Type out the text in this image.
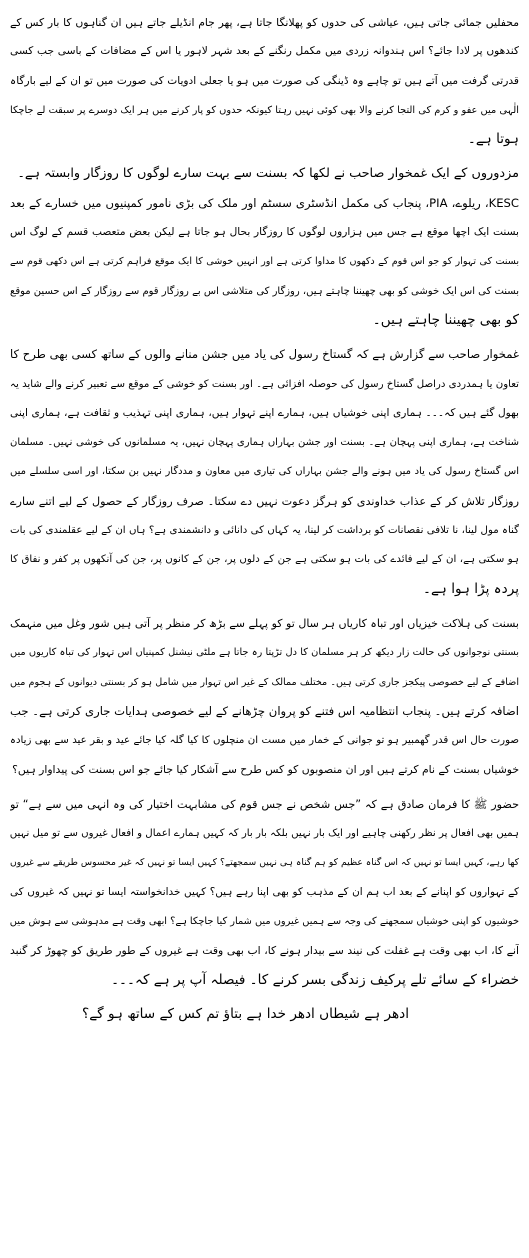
محفلیں جمائی جاتی ہیں، عیاشی کی حدوں کو پھلانگا جاتا ہے، پھر جام انڈیلے جاتے ہیں ان گناہوں کا بار کس کے
کندھوں پر لادا جائے؟ اس ہندوانہ زردی میں مکمل رنگنے کے بعد شہر لاہور یا اس کے مضافات کے باسی جب کسی
قدرتی گرفت میں آتے ہیں تو چاہے وہ ڈینگی کی صورت میں ہو یا جعلی ادویات کی صورت میں تو ان کے لیے بارگاہ
الٰہی میں عفو و کرم کی التجا کرنے والا بھی کوئی نہیں رہتا کیونکہ حدوں کو پار کرنے میں ہر ایک دوسرے پر سبقت لے جاچکا
ہوتا ہے۔
مزدوروں کے ایک غمخوار صاحب نے لکھا کہ بسنت سے بہت سارے لوگوں کا روزگار وابستہ ہے۔
KESC، ریلوے، PIA، پنجاب کی مکمل انڈسٹری سسٹم اور ملک کی بڑی نامور کمپنیوں میں خسارے کے بعد
بسنت ایک اچھا موقع ہے جس میں ہزاروں لوگوں کا روزگار بحال ہو جاتا ہے لیکن بعض متعصب قسم کے لوگ اس
بسنت کی تہوار کو جو اس قوم کے دکھوں کا مداوا کرتی ہے اور انہیں خوشی کا ایک موقع فراہم کرتی ہے اس دکھی قوم سے
بسنت کی اس ایک خوشی کو بھی چھیننا چاہتے ہیں، روزگار کی متلاشی اس بے روزگار قوم سے روزگار کے اس حسین موقع
کو بھی چھیننا چاہتے ہیں۔
غمخوار صاحب سے گزارش ہے کہ گستاخ رسول کی یاد میں جشن منانے والوں کے ساتھ کسی بھی طرح کا
تعاون یا ہمدردی دراصل گستاخ رسول کی حوصلہ افزائی ہے۔ اور بسنت کو خوشی کے موقع سے تعبیر کرنے والے شاید یہ
بھول گئے ہیں کہ۔۔۔ ہماری اپنی خوشیاں ہیں، ہمارے اپنے تہوار ہیں، ہماری اپنی تہذیب و ثقافت ہے، ہماری اپنی
شناخت ہے، ہماری اپنی پہچان ہے۔ بسنت اور جشن بہاراں ہماری پہچان نہیں، یہ مسلمانوں کی خوشی نہیں۔ مسلمان
اس گستاخ رسول کی یاد میں ہونے والے جشن بہاراں کی تیاری میں معاون و مددگار نہیں بن سکتا، اور اسی سلسلے میں
روزگار تلاش کر کے عذاب خداوندی کو ہرگز دعوت نہیں دے سکتا۔ صرف روزگار کے حصول کے لیے اتنے سارے
گناہ مول لینا، نا تلافی نقصانات کو برداشت کر لینا، یہ کہاں کی دانائی و دانشمندی ہے؟ ہاں ان کے لیے عقلمندی کی بات
ہو سکتی ہے، ان کے لیے فائدے کی بات ہو سکتی ہے جن کے دلوں پر، جن کے کانوں پر، جن کی آنکھوں پر کفر و نفاق کا
پردہ پڑا ہوا ہے۔
بسنت کی ہلاکت خیزیاں اور تباہ کاریاں ہر سال تو کو پہلے سے بڑھ کر منظر پر آتی ہیں شور وغل میں منہمک
بسنتی نوجوانوں کی حالت زار دیکھ کر ہر مسلمان کا دل تڑپتا رہ جاتا ہے ملٹی نیشنل کمپنیاں اس تہوار کی تباہ کاریوں میں
اضافے کے لیے خصوصی پیکجز جاری کرتی ہیں۔ مختلف ممالک کے غیر اس تہوار میں شامل ہو کر بسنتی دیوانوں کے ہجوم میں
اضافہ کرتے ہیں۔ پنجاب انتظامیہ اس فتنے کو پروان چڑھانے کے لیے خصوصی ہدایات جاری کرتی ہے۔ جب
صورت حال اس قدر گھمبیر ہو تو جوانی کے خمار میں مست ان منچلوں کا کیا گلہ کیا جائے عید و بقر عید سے بھی زیادہ
خوشیاں بسنت کے نام کرتے ہیں اور ان منصوبوں کو کس طرح سے آشکار کیا جائے جو اس بسنت کی پیداوار ہیں؟
حضور ﷺ کا فرمان صادق ہے کہ ”جس شخص نے جس قوم کی مشابہت اختیار کی وہ انہی میں سے ہے“ تو
ہمیں بھی افعال پر نظر رکھنی چاہیے اور ایک بار نہیں بلکہ بار بار کہ کہیں ہمارے اعمال و افعال غیروں سے تو میل نہیں
کھا رہے، کہیں ایسا تو نہیں کہ اس گناہ عظیم کو ہم گناہ ہی نہیں سمجھتے؟ کہیں ایسا تو نہیں کہ غیر محسوس طریقے سے غیروں
کے تہواروں کو اپنانے کے بعد اب ہم ان کے مذہب کو بھی اپنا رہے ہیں؟ کہیں خدانخواستہ ایسا تو نہیں کہ غیروں کی
خوشیوں کو اپنی خوشیاں سمجھنے کی وجہ سے ہمیں غیروں میں شمار کیا جاچکا ہے؟ ابھی وقت ہے مدہوشی سے ہوش میں
آنے کا، اب بھی وقت ہے غفلت کی نیند سے بیدار ہونے کا، اب بھی وقت ہے غیروں کے طور طریق کو چھوڑ کر گنبد
خضراء کے سائے تلے پرکیف زندگی بسر کرنے کا۔ فیصلہ آپ پر ہے کہ۔۔۔
ادھر ہے شیطاں ادھر خدا ہے بتاؤ تم کس کے ساتھ ہو گے؟
